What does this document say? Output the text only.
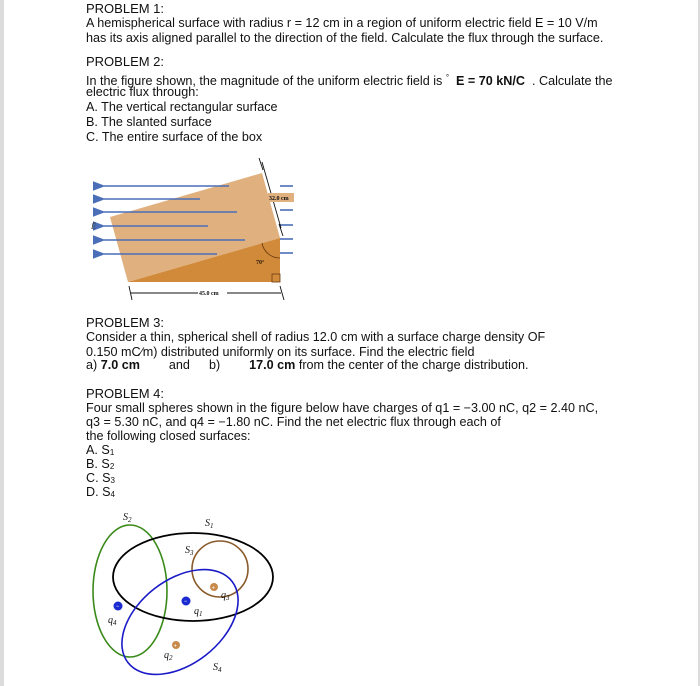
PROBLEM 1:
A hemispherical surface with radius r = 12 cm in a region of uniform electric field E = 10 V/m
has its axis aligned parallel to the direction of the field. Calculate the flux through the surface.
PROBLEM 2:
In the figure shown, the magnitude of the uniform electric field is ° E = 70 kN/C . Calculate the
electric flux through:
A. The vertical rectangular surface
B. The slanted surface
C. The entire surface of the box
PROBLEM 3:
Consider a thin, spherical shell of radius 12.0 cm with a surface charge density OF
0.150 mC∕m) distributed uniformly on its surface. Find the electric field
a) 7.0 cm and b) 17.0 cm from the center of the charge distribution.
PROBLEM 4:
Four small spheres shown in the figure below have charges of q1 = −3.00 nC, q2 = 2.40 nC,
q3 = 5.30 nC, and q4 = −1.80 nC. Find the net electric flux through each of
the following closed surfaces:
A. S1
B. S2
C. S3
D. S4
70°
Ē
32.0 cm
45.0 cm
−
−
+
+
$S_2$	$S_1$
$S_3$
$S_4$
$q_4$
$q_1$
$q_3$
$q_2$
